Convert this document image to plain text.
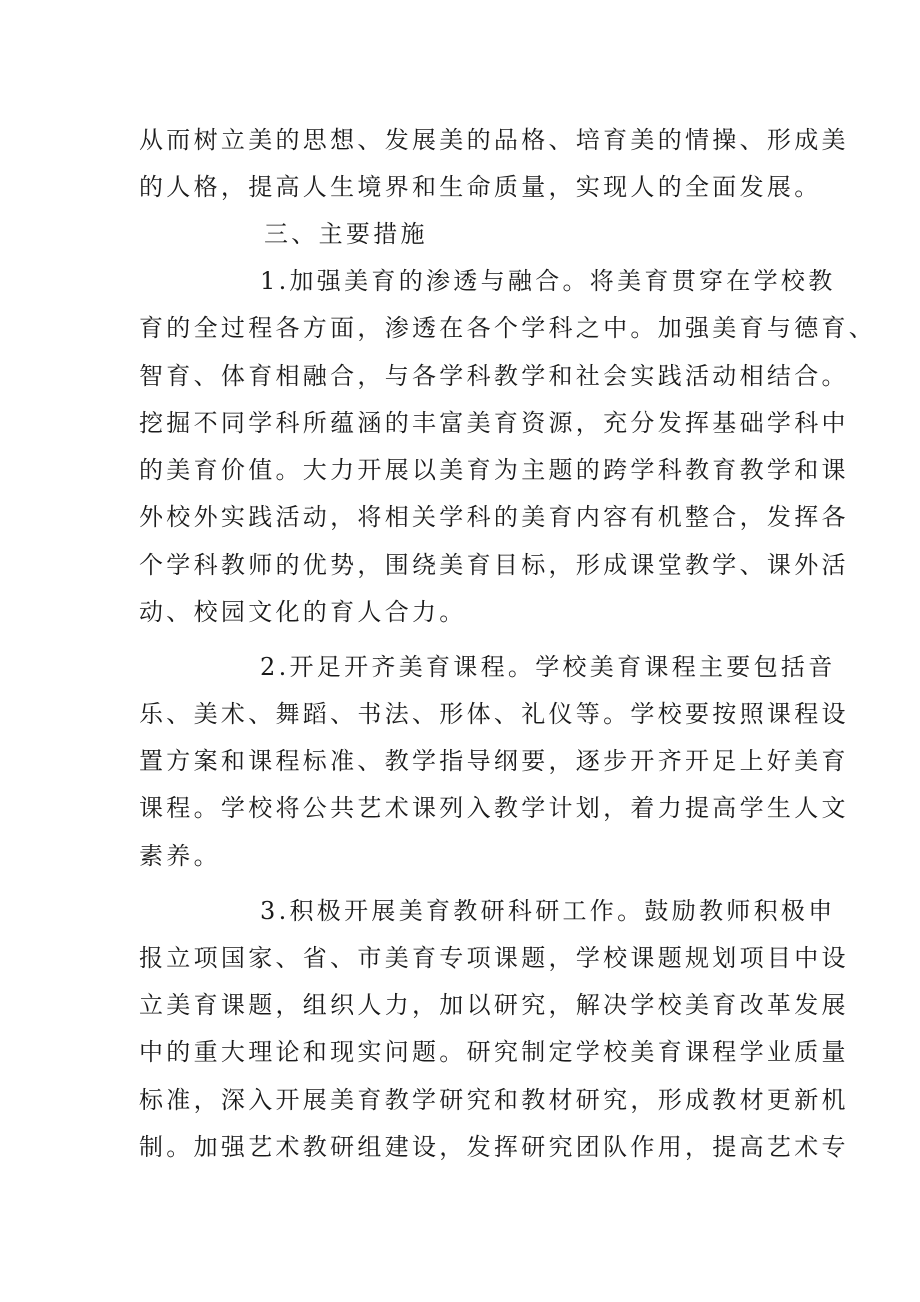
从而树立美的思想、发展美的品格、培育美的情操、形成美
的人格，提高人生境界和生命质量，实现人的全面发展。
三、主要措施
1.加强美育的渗透与融合。将美育贯穿在学校教
育的全过程各方面，渗透在各个学科之中。加强美育与德育、
智育、体育相融合，与各学科教学和社会实践活动相结合。
挖掘不同学科所蕴涵的丰富美育资源，充分发挥基础学科中
的美育价值。大力开展以美育为主题的跨学科教育教学和课
外校外实践活动，将相关学科的美育内容有机整合，发挥各
个学科教师的优势，围绕美育目标，形成课堂教学、课外活
动、校园文化的育人合力。
2.开足开齐美育课程。学校美育课程主要包括音
乐、美术、舞蹈、书法、形体、礼仪等。学校要按照课程设
置方案和课程标准、教学指导纲要，逐步开齐开足上好美育
课程。学校将公共艺术课列入教学计划，着力提高学生人文
素养。
3.积极开展美育教研科研工作。鼓励教师积极申
报立项国家、省、市美育专项课题，学校课题规划项目中设
立美育课题，组织人力，加以研究，解决学校美育改革发展
中的重大理论和现实问题。研究制定学校美育课程学业质量
标准，深入开展美育教学研究和教材研究，形成教材更新机
制。加强艺术教研组建设，发挥研究团队作用，提高艺术专
